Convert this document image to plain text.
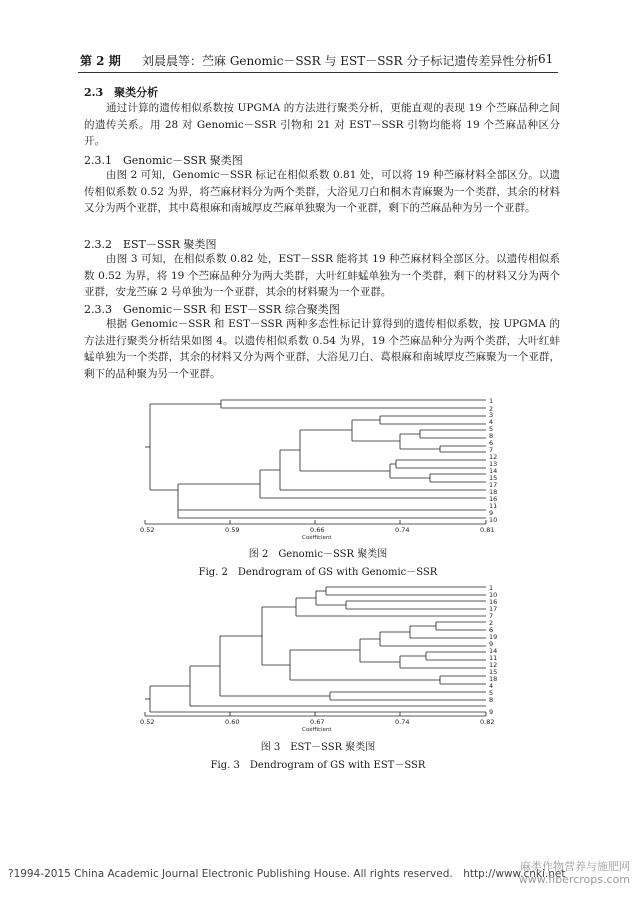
第 2 期 刘晨晨等：苎麻 Genomic－SSR 与 EST－SSR 分子标记遗传差异性分析 61
2.3　聚类分析
通过计算的遗传相似系数按 UPGMA 的方法进行聚类分析，更能直观的表现 19 个苎麻品种之间的遗传关系。用 28 对 Genomic－SSR 引物和 21 对 EST－SSR 引物均能将 19 个苎麻品种区分开。
2.3.1　Genomic－SSR 聚类图
由图 2 可知，Genomic－SSR 标记在相似系数 0.81 处，可以将 19 种苎麻材料全部区分。以遗传相似系数 0.52 为界，将苎麻材料分为两个类群，大浴见刀白和桐木青麻聚为一个类群，其余的材料又分为两个亚群，其中葛根麻和南城厚皮苎麻单独聚为一个亚群，剩下的苎麻品种为另一个亚群。
2.3.2　EST－SSR 聚类图
由图 3 可知，在相似系数 0.82 处，EST－SSR 能将其 19 种苎麻材料全部区分。以遗传相似系数 0.52 为界，将 19 个苎麻品种分为两大类群，大叶红蚌蜢单独为一个类群，剩下的材料又分为两个亚群，安龙苎麻 2 号单独为一个亚群，其余的材料聚为一个亚群。
2.3.3　Genomic－SSR 和 EST－SSR 综合聚类图
根据 Genomic－SSR 和 EST－SSR 两种多态性标记计算得到的遗传相似系数，按 UPGMA 的方法进行聚类分析结果如图 4。以遗传相似系数 0.54 为界，19 个苎麻品种分为两个类群，大叶红蚌蜢单独为一个类群，其余的材料又分为两个亚群，大浴见刀白、葛根麻和南城厚皮苎麻聚为一个亚群，剩下的品种聚为另一个亚群。
1
2
3
4
5
8
6
7
12
13
14
15
17
18
16
11
9
10
0.52	0.59	0.66	0.74	0.81
Coefficient
图 2　Genomic－SSR 聚类图
Fig. 2　Dendrogram of GS with Genomic－SSR
1
10
16
17
7
2
6
19
9
14
11
12
15
18
4
5
8
9
0.52	0.60	0.67	0.74	0.82
Coefficient
图 3　EST－SSR 聚类图
Fig. 3　Dendrogram of GS with EST－SSR
?1994-2015 China Academic Journal Electronic Publishing House. All rights reserved.　http://www.cnki.net
麻类作物营养与施肥网
www.fibercrops.com
